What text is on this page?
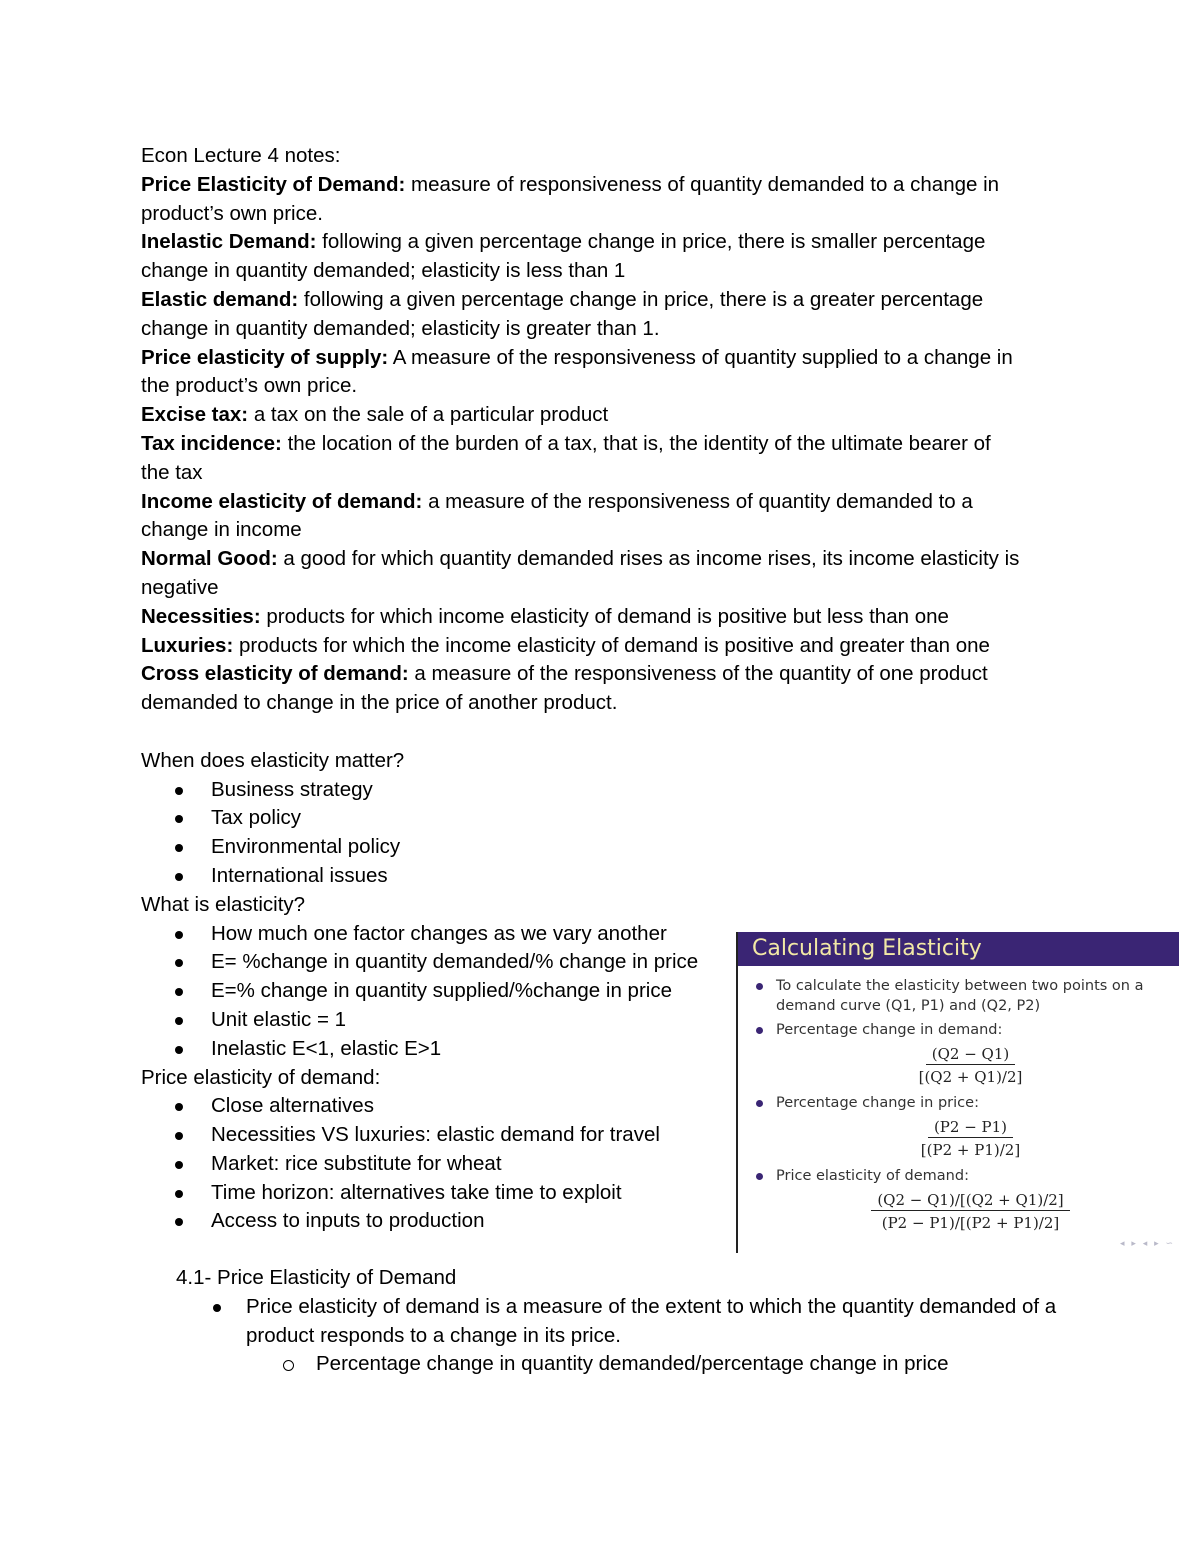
Econ Lecture 4 notes:
Price Elasticity of Demand: measure of responsiveness of quantity demanded to a change in
product’s own price.
Inelastic Demand: following a given percentage change in price, there is smaller percentage
change in quantity demanded; elasticity is less than 1
Elastic demand: following a given percentage change in price, there is a greater percentage
change in quantity demanded; elasticity is greater than 1.
Price elasticity of supply: A measure of the responsiveness of quantity supplied to a change in
the product’s own price.
Excise tax: a tax on the sale of a particular product
Tax incidence: the location of the burden of a tax, that is, the identity of the ultimate bearer of
the tax
Income elasticity of demand: a measure of the responsiveness of quantity demanded to a
change in income
Normal Good: a good for which quantity demanded rises as income rises, its income elasticity is
negative
Necessities: products for which income elasticity of demand is positive but less than one
Luxuries: products for which the income elasticity of demand is positive and greater than one
Cross elasticity of demand: a measure of the responsiveness of the quantity of one product
demanded to change in the price of another product.
When does elasticity matter?
Business strategy
Tax policy
Environmental policy
International issues
What is elasticity?
How much one factor changes as we vary another
E= %change in quantity demanded/% change in price
E=% change in quantity supplied/%change in price
Unit elastic = 1
Inelastic E<1, elastic E>1
Price elasticity of demand:
Close alternatives
Necessities VS luxuries: elastic demand for travel
Market: rice substitute for wheat
Time horizon: alternatives take time to exploit
Access to inputs to production
Calculating Elasticity
To calculate the elasticity between two points on a demand curve (Q1, P1) and (Q2, P2)
Percentage change in demand:
$\frac{(Q2 - Q1)}{[(Q2 + Q1)/2]}$
Percentage change in price:
$\frac{(P2 - P1)}{[(P2 + P1)/2]}$
Price elasticity of demand:
$\frac{(Q2 - Q1)/[(Q2 + Q1)/2]}{(P2 - P1)/[(P2 + P1)/2]}$
◂ ▸ ◂ ▸ ∽
4.1- Price Elasticity of Demand
Price elasticity of demand is a measure of the extent to which the quantity demanded of a product responds to a change in its price.
Percentage change in quantity demanded/percentage change in price
